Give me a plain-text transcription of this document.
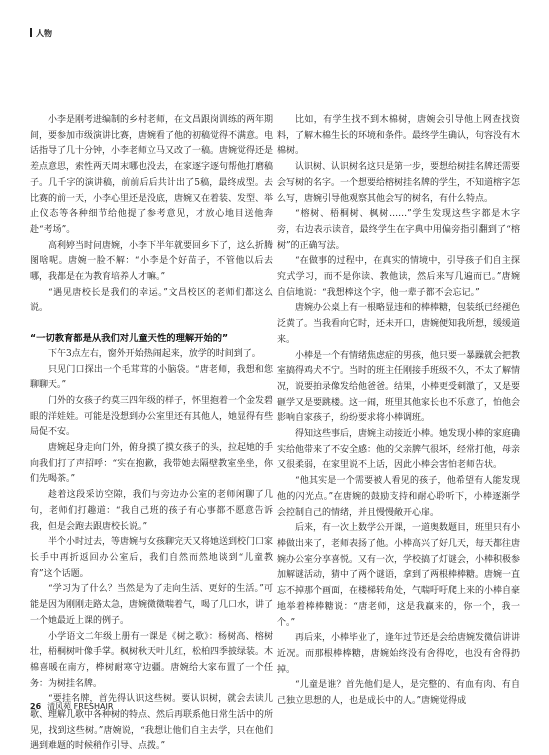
人物

小李是刚考进编制的乡村老师，在文昌跟岗训练的两年期间，要参加市级演讲比赛，唐婉看了他的初稿觉得不满意。电话指导了几十分钟，小李老师立马又改了一稿。唐婉觉得还是差点意思，索性两天周末哪也没去，在家逐字逐句帮他打磨稿子。几千字的演讲稿，前前后后共计出了5稿，最终成型。去比赛的前一天，小李心里还是没底，唐婉又在着装、发型、举止仪态等各种细节给他提了参考意见，才放心地目送他奔赴“考场”。

高利婷当时问唐婉，小李下半年就要回乡下了，这么折腾图啥呢。唐婉一脸不解：“小李是个好苗子，不管他以后去哪，我都是在为教育培养人才嘛。”

“遇见唐校长是我们的幸运。”文昌校区的老师们都这么说。

“一切教育都是从我们对儿童天性的理解开始的”

下午3点左右，窗外开始热闹起来，放学的时间到了。

只见门口探出一个毛茸茸的小脑袋。“唐老师，我想和您聊聊天。”

门外的女孩子约莫三四年级的样子，怀里抱着一个金发碧眼的洋娃娃。可能是没想到办公室里还有其他人，她显得有些局促不安。

唐婉起身走向门外，俯身摸了摸女孩子的头，拉起她的手向我们打了声招呼：“实在抱歉，我带她去隔壁教室坐坐，你们先喝茶。”

趁着这段采访空隙，我们与旁边办公室的老师闲聊了几句，老师们打趣道：“我自己班的孩子有心事都不愿意告诉我，但是会跑去跟唐校长说。”

半个小时过去，等唐婉与女孩聊完天又将她送到校门口家长手中再折返回办公室后，我们自然而然地谈到“儿童教育”这个话题。

“学习为了什么？当然是为了走向生活、更好的生活。”可能是因为刚刚走路太急，唐婉微微喘着气，喝了几口水，讲了一个她最近上课的例子。

小学语文二年级上册有一课是《树之歌》：杨树高、榕树壮，梧桐树叶像手掌。枫树秋天叶儿红，松柏四季披绿装。木棉喜暖在南方，桦树耐寒守边疆。唐婉给大家布置了一个任务：为树挂名牌。

“要挂名牌，首先得认识这些树。要认识树，就会去读儿歌、理解儿歌中各种树的特点、然后再联系他日常生活中的所见，找到这些树。”唐婉说，“我想让他们自主去学，只在他们遇到难题的时候稍作引导、点拨。”

比如，有学生找不到木棉树，唐婉会引导他上网查找资料，了解木棉生长的环境和条件。最终学生确认，句容没有木棉树。

认识树、认识树名这只是第一步，要想给树挂名牌还需要会写树的名字。一个想要给榕树挂名牌的学生，不知道榕字怎么写，唐婉引导他观察其他会写的树名，有什么特点。

“榕树、梧桐树、枫树……”学生发现这些字都是木字旁，右边表示读音，最终学生在字典中用偏旁指引翻到了“榕树”的正确写法。

“在做事的过程中，在真实的情境中，引导孩子们自主探究式学习，而不是你读、教他读，然后来写几遍而已。”唐婉自信地说：“我想棒这个字，他一辈子都不会忘记。”

唐婉办公桌上有一根略显违和的棒棒糖，包装纸已经褪色泛黄了。当我看向它时，还未开口，唐婉便知我所想，缓缓道来。

小棒是一个有情绪焦虑症的男孩，他只要一暴躁就会把教室搞得鸡犬不宁。当时的班主任刚接手班级不久，不太了解情况，说要拍录像发给他爸爸。结果，小棒更受刺激了，又是要砸学又是要跳楼。这一闹，班里其他家长也不乐意了，怕他会影响自家孩子，纷纷要求将小棒调班。

得知这些事后，唐婉主动接近小棒。她发现小棒的家庭确实给他带来了不安全感：他的父亲脾气很坏，经常打他，母亲又很柔弱，在家里说不上话，因此小棒会害怕老师告状。

“他其实是一个需要被人看见的孩子，他希望有人能发现他的闪光点。”在唐婉的鼓励支持和耐心聆听下，小棒逐渐学会控制自己的情绪，并且慢慢敞开心扉。

后来，有一次上数学公开课，一道奥数题目，班里只有小棒做出来了，老师表扬了他。小棒高兴了好几天，每天都往唐婉办公室分享喜悦。又有一次，学校搞了灯谜会，小棒积极参加解谜活动，猜中了两个谜语，拿到了两根棒棒糖。唐婉一直忘不掉那个画面，在楼梯转角处，气喘吁吁爬上来的小棒自豪地举着棒棒糖说：“唐老师，这是我赢来的，你一个，我一个。”

再后来，小棒毕业了，逢年过节还是会给唐婉发微信讲讲近况。而那根棒棒糖，唐婉始终没有舍得吃，也没有舍得扔掉。

“儿童是谁？首先他们是人，是完整的、有血有肉、有自己独立思想的人，也是成长中的人。”唐婉觉得成

26 清风苑 FRESHAIR
